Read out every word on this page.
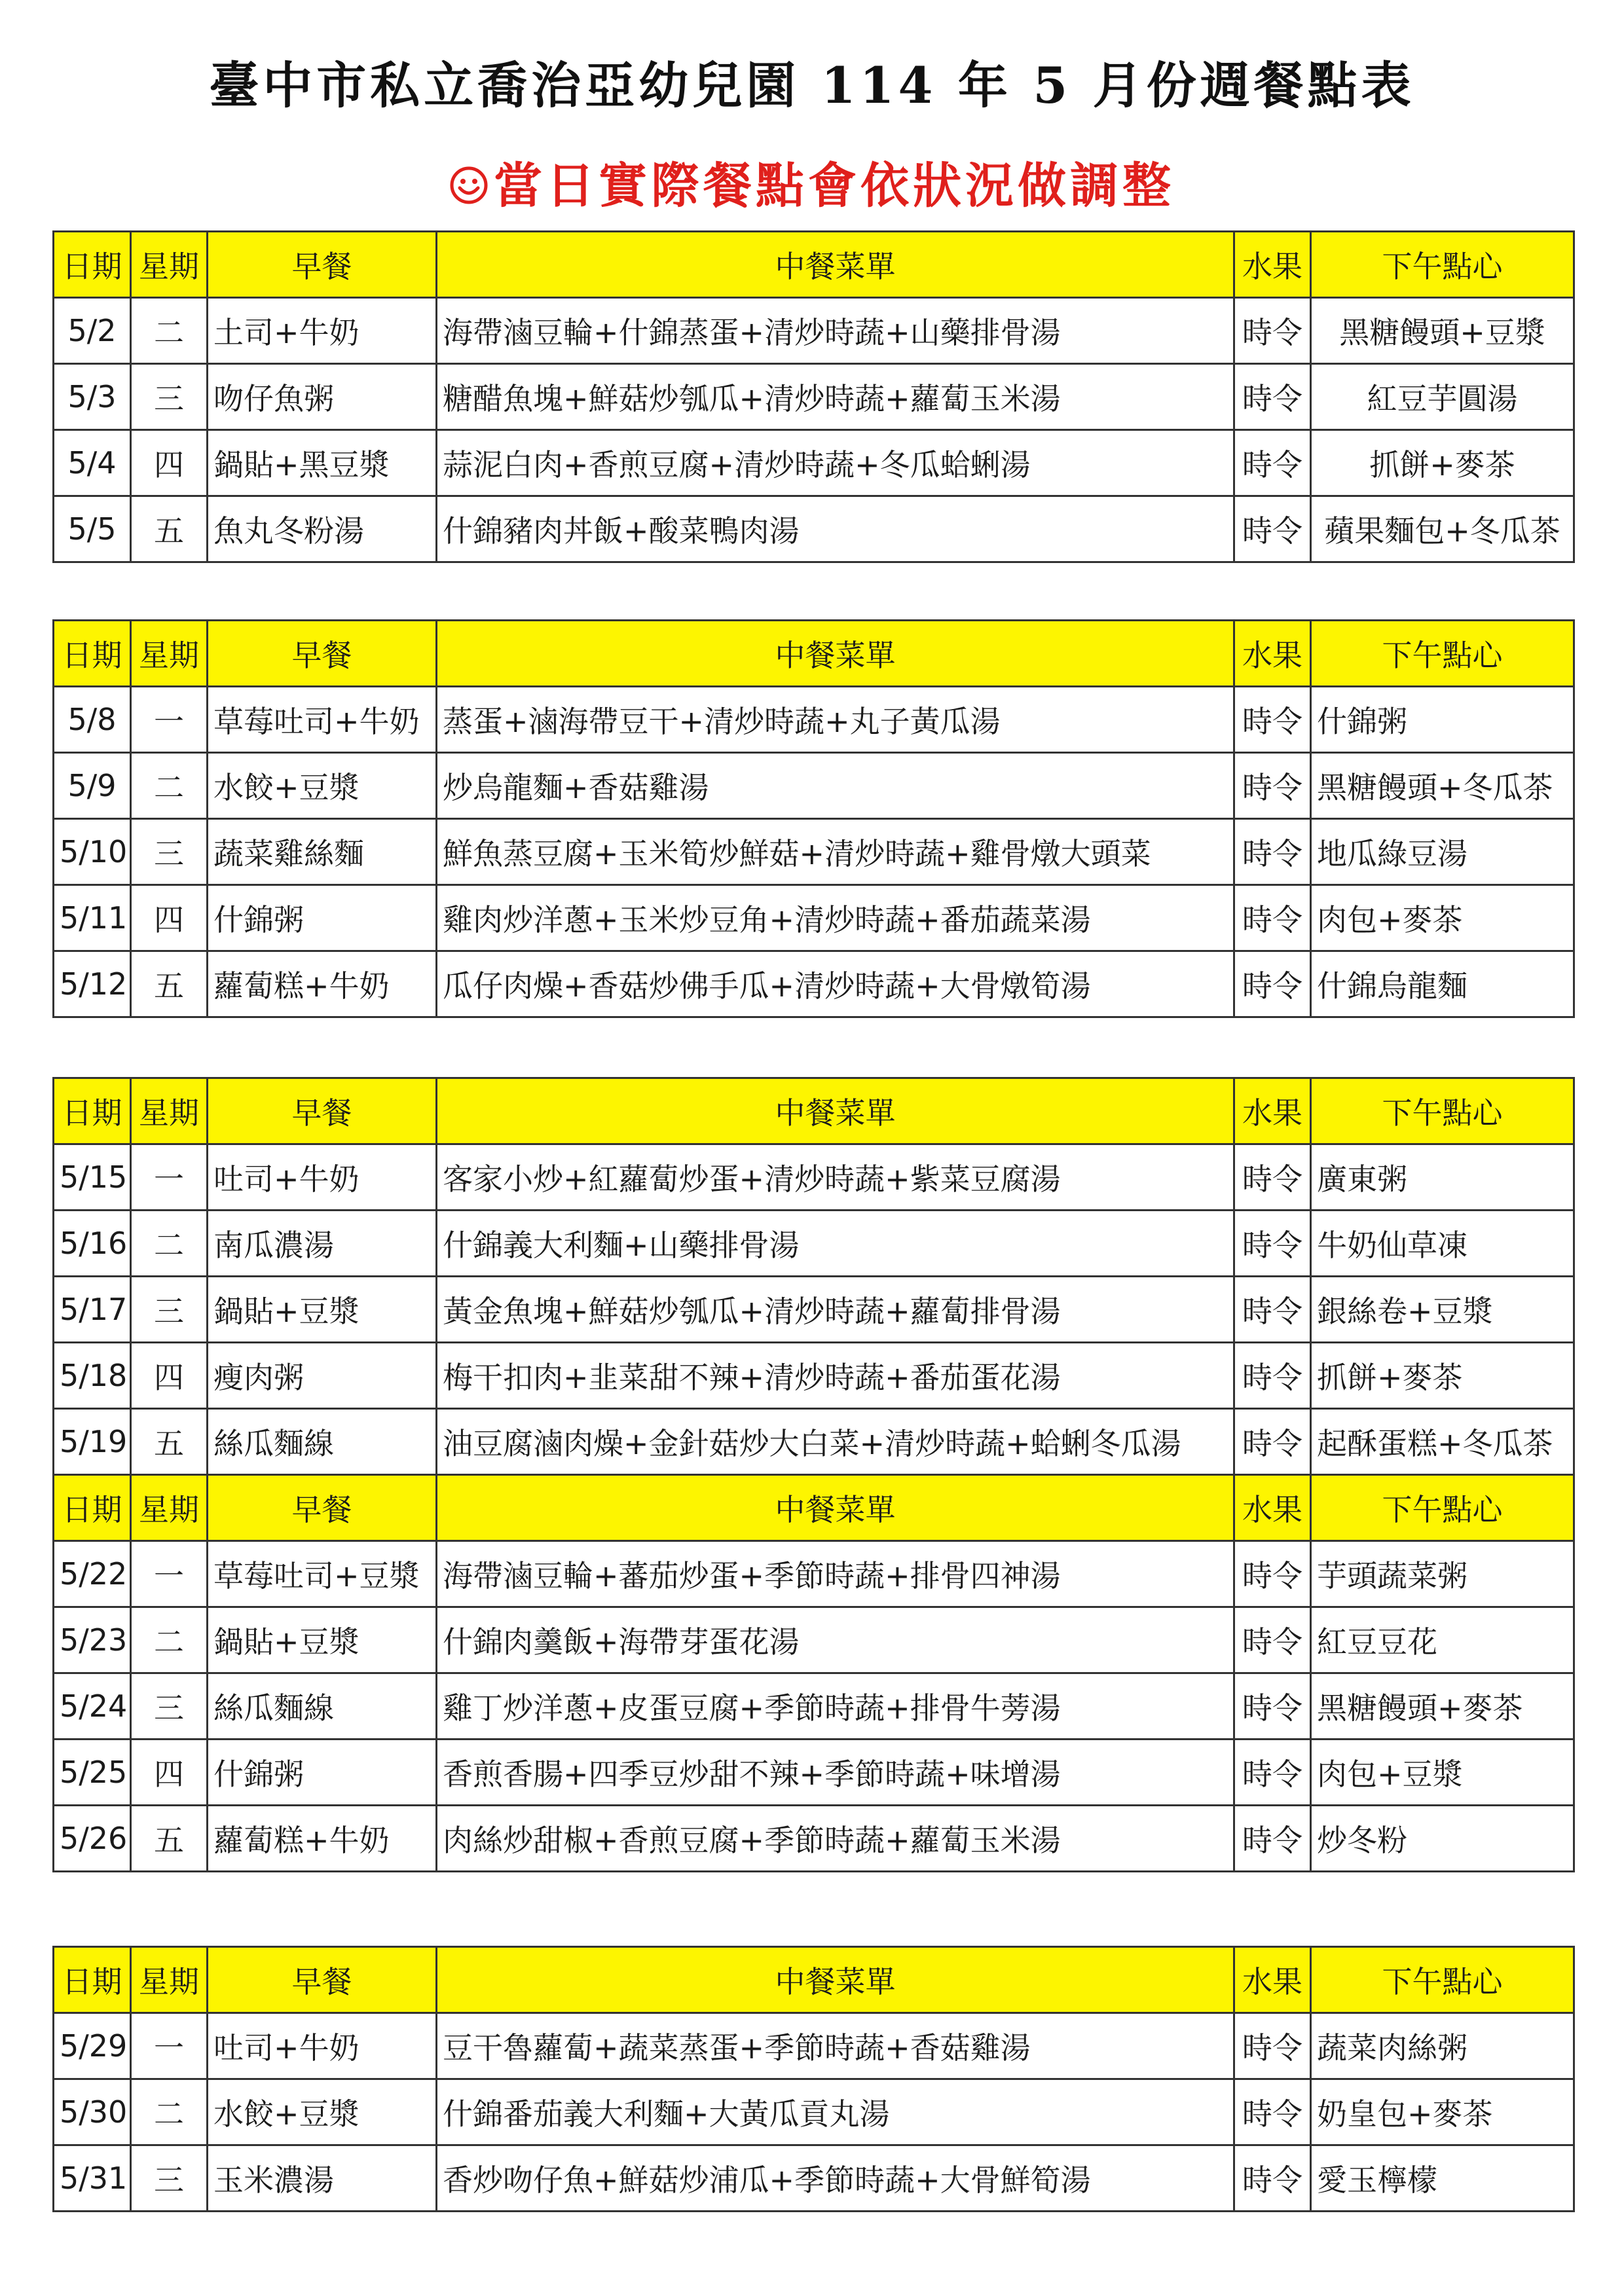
臺中市私立喬治亞幼兒園 114 年 5 月份週餐點表
當日實際餐點會依狀況做調整
日期	星期	早餐	中餐菜單	水果	下午點心
5/2	二	土司+牛奶	海帶滷豆輪+什錦蒸蛋+清炒時蔬+山藥排骨湯	時令	黑糖饅頭+豆漿
5/3	三	吻仔魚粥	糖醋魚塊+鮮菇炒瓠瓜+清炒時蔬+蘿蔔玉米湯	時令	紅豆芋圓湯
5/4	四	鍋貼+黑豆漿	蒜泥白肉+香煎豆腐+清炒時蔬+冬瓜蛤蜊湯	時令	抓餅+麥茶
5/5	五	魚丸冬粉湯	什錦豬肉丼飯+酸菜鴨肉湯	時令	蘋果麵包+冬瓜茶
日期	星期	早餐	中餐菜單	水果	下午點心
5/8	一	草莓吐司+牛奶	蒸蛋+滷海帶豆干+清炒時蔬+丸子黃瓜湯	時令	什錦粥
5/9	二	水餃+豆漿	炒烏龍麵+香菇雞湯	時令	黑糖饅頭+冬瓜茶
5/10	三	蔬菜雞絲麵	鮮魚蒸豆腐+玉米筍炒鮮菇+清炒時蔬+雞骨燉大頭菜	時令	地瓜綠豆湯
5/11	四	什錦粥	雞肉炒洋蔥+玉米炒豆角+清炒時蔬+番茄蔬菜湯	時令	肉包+麥茶
5/12	五	蘿蔔糕+牛奶	瓜仔肉燥+香菇炒佛手瓜+清炒時蔬+大骨燉筍湯	時令	什錦烏龍麵
日期	星期	早餐	中餐菜單	水果	下午點心
5/15	一	吐司+牛奶	客家小炒+紅蘿蔔炒蛋+清炒時蔬+紫菜豆腐湯	時令	廣東粥
5/16	二	南瓜濃湯	什錦義大利麵+山藥排骨湯	時令	牛奶仙草凍
5/17	三	鍋貼+豆漿	黃金魚塊+鮮菇炒瓠瓜+清炒時蔬+蘿蔔排骨湯	時令	銀絲卷+豆漿
5/18	四	瘦肉粥	梅干扣肉+韭菜甜不辣+清炒時蔬+番茄蛋花湯	時令	抓餅+麥茶
5/19	五	絲瓜麵線	油豆腐滷肉燥+金針菇炒大白菜+清炒時蔬+蛤蜊冬瓜湯	時令	起酥蛋糕+冬瓜茶
日期	星期	早餐	中餐菜單	水果	下午點心
5/22	一	草莓吐司+豆漿	海帶滷豆輪+蕃茄炒蛋+季節時蔬+排骨四神湯	時令	芋頭蔬菜粥
5/23	二	鍋貼+豆漿	什錦肉羹飯+海帶芽蛋花湯	時令	紅豆豆花
5/24	三	絲瓜麵線	雞丁炒洋蔥+皮蛋豆腐+季節時蔬+排骨牛蒡湯	時令	黑糖饅頭+麥茶
5/25	四	什錦粥	香煎香腸+四季豆炒甜不辣+季節時蔬+味增湯	時令	肉包+豆漿
5/26	五	蘿蔔糕+牛奶	肉絲炒甜椒+香煎豆腐+季節時蔬+蘿蔔玉米湯	時令	炒冬粉
日期	星期	早餐	中餐菜單	水果	下午點心
5/29	一	吐司+牛奶	豆干魯蘿蔔+蔬菜蒸蛋+季節時蔬+香菇雞湯	時令	蔬菜肉絲粥
5/30	二	水餃+豆漿	什錦番茄義大利麵+大黃瓜貢丸湯	時令	奶皇包+麥茶
5/31	三	玉米濃湯	香炒吻仔魚+鮮菇炒浦瓜+季節時蔬+大骨鮮筍湯	時令	愛玉檸檬
